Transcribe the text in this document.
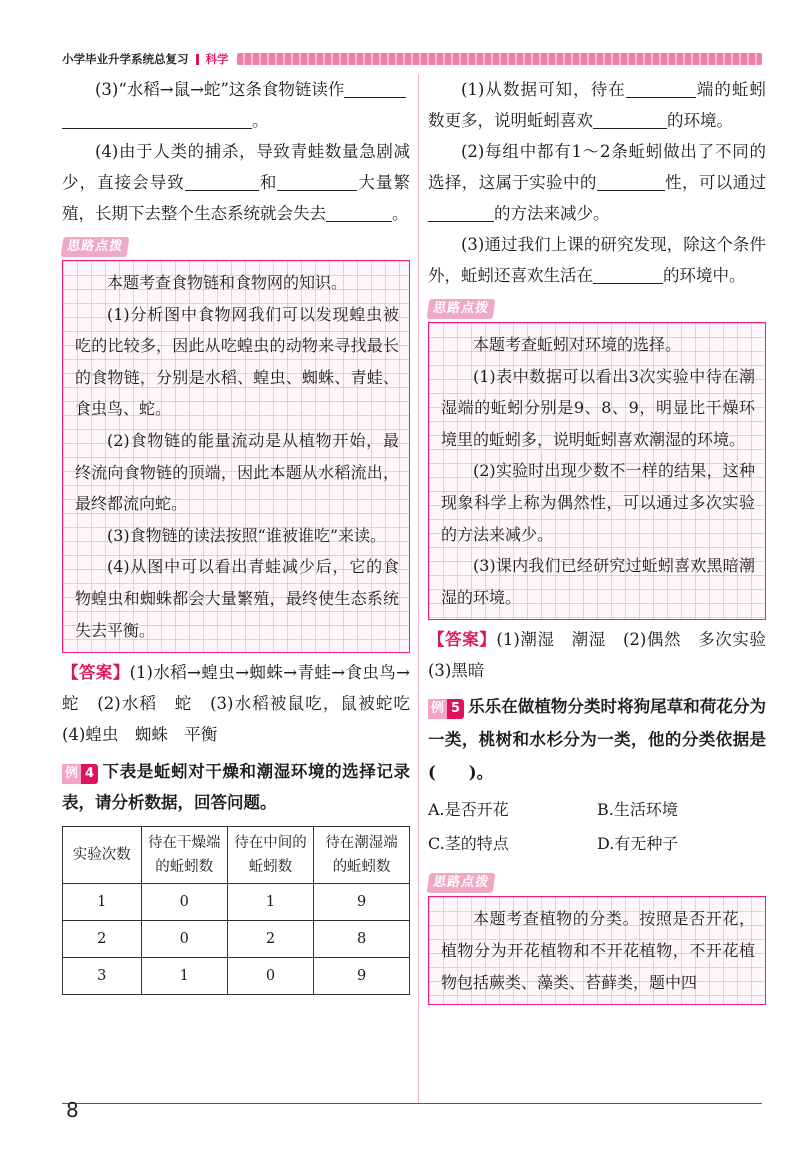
小学毕业升学系统总复习 科学

(3)“水稻→鼠→蛇”这条食物链读作
。

(4)由于人类的捕杀，导致青蛙数量急剧减少，直接会导致	和	大量繁殖，长期下去整个生态系统就会失去	。

思路点拨

本题考查食物链和食物网的知识。

(1)分析图中食物网我们可以发现蝗虫被吃的比较多，因此从吃蝗虫的动物来寻找最长的食物链，分别是水稻、蝗虫、蜘蛛、青蛙、食虫鸟、蛇。

(2)食物链的能量流动是从植物开始，最终流向食物链的顶端，因此本题从水稻流出，最终都流向蛇。

(3)食物链的读法按照“谁被谁吃”来读。

(4)从图中可以看出青蛙减少后，它的食物蝗虫和蜘蛛都会大量繁殖，最终使生态系统失去平衡。

【答案】(1)水稻→蝗虫→蜘蛛→青蛙→食虫鸟→蛇　(2)水稻　蛇　(3)水稻被鼠吃，鼠被蛇吃　(4)蝗虫　蜘蛛　平衡

例 4 下表是蚯蚓对干燥和潮湿环境的选择记录表，请分析数据，回答问题。

实验次数	待在干燥端的蚯蚓数	待在中间的蚯蚓数	待在潮湿端的蚯蚓数
1	0	1	9
2	0	2	8
3	1	0	9

(1)从数据可知，待在	端的蚯蚓数更多，说明蚯蚓喜欢	的环境。

(2)每组中都有1～2条蚯蚓做出了不同的选择，这属于实验中的	性，可以通过的方法来减少。

(3)通过我们上课的研究发现，除这个条件外，蚯蚓还喜欢生活在	的环境中。

思路点拨

本题考查蚯蚓对环境的选择。

(1)表中数据可以看出3次实验中待在潮湿端的蚯蚓分别是9、8、9，明显比干燥环境里的蚯蚓多，说明蚯蚓喜欢潮湿的环境。

(2)实验时出现少数不一样的结果，这种现象科学上称为偶然性，可以通过多次实验的方法来减少。

(3)课内我们已经研究过蚯蚓喜欢黑暗潮湿的环境。

【答案】(1)潮湿　潮湿　(2)偶然　多次实验　(3)黑暗

例 5 乐乐在做植物分类时将狗尾草和荷花分为一类，桃树和水杉分为一类，他的分类依据是(　　)。

A.是否开花	B.生活环境
C.茎的特点	D.有无种子
思路点拨

本题考查植物的分类。按照是否开花，植物分为开花植物和不开花植物，不开花植物包括蕨类、藻类、苔藓类，题中四

8
